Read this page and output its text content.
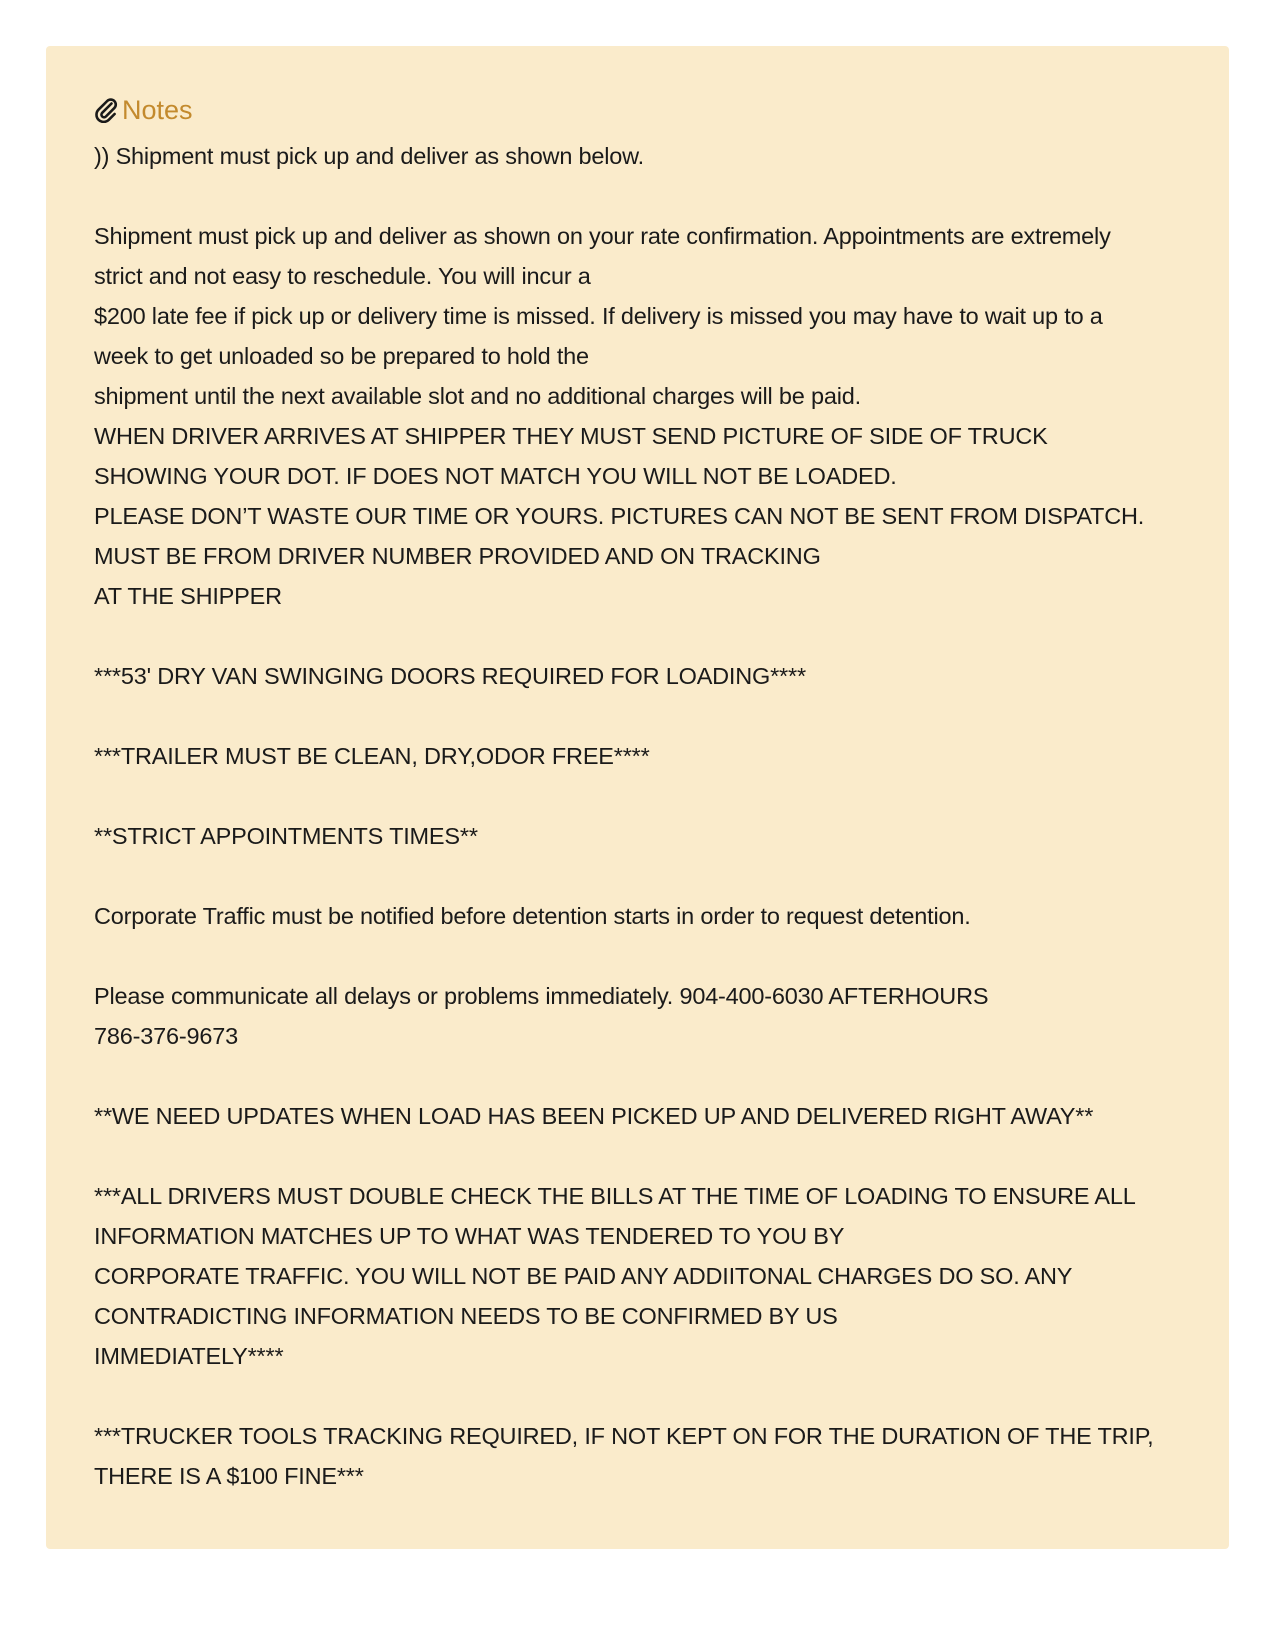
Notes
)) Shipment must pick up and deliver as shown below.
Shipment must pick up and deliver as shown on your rate confirmation. Appointments are extremely
strict and not easy to reschedule. You will incur a
$200 late fee if pick up or delivery time is missed. If delivery is missed you may have to wait up to a
week to get unloaded so be prepared to hold the
shipment until the next available slot and no additional charges will be paid.
WHEN DRIVER ARRIVES AT SHIPPER THEY MUST SEND PICTURE OF SIDE OF TRUCK
SHOWING YOUR DOT. IF DOES NOT MATCH YOU WILL NOT BE LOADED.
PLEASE DON’T WASTE OUR TIME OR YOURS. PICTURES CAN NOT BE SENT FROM DISPATCH.
MUST BE FROM DRIVER NUMBER PROVIDED AND ON TRACKING
AT THE SHIPPER
***53' DRY VAN SWINGING DOORS REQUIRED FOR LOADING****
***TRAILER MUST BE CLEAN, DRY,ODOR FREE****
**STRICT APPOINTMENTS TIMES**
Corporate Traffic must be notified before detention starts in order to request detention.
Please communicate all delays or problems immediately. 904-400-6030 AFTERHOURS
786-376-9673
**WE NEED UPDATES WHEN LOAD HAS BEEN PICKED UP AND DELIVERED RIGHT AWAY**
***ALL DRIVERS MUST DOUBLE CHECK THE BILLS AT THE TIME OF LOADING TO ENSURE ALL
INFORMATION MATCHES UP TO WHAT WAS TENDERED TO YOU BY
CORPORATE TRAFFIC. YOU WILL NOT BE PAID ANY ADDIITONAL CHARGES DO SO. ANY
CONTRADICTING INFORMATION NEEDS TO BE CONFIRMED BY US
IMMEDIATELY****
***TRUCKER TOOLS TRACKING REQUIRED, IF NOT KEPT ON FOR THE DURATION OF THE TRIP,
THERE IS A $100 FINE***
